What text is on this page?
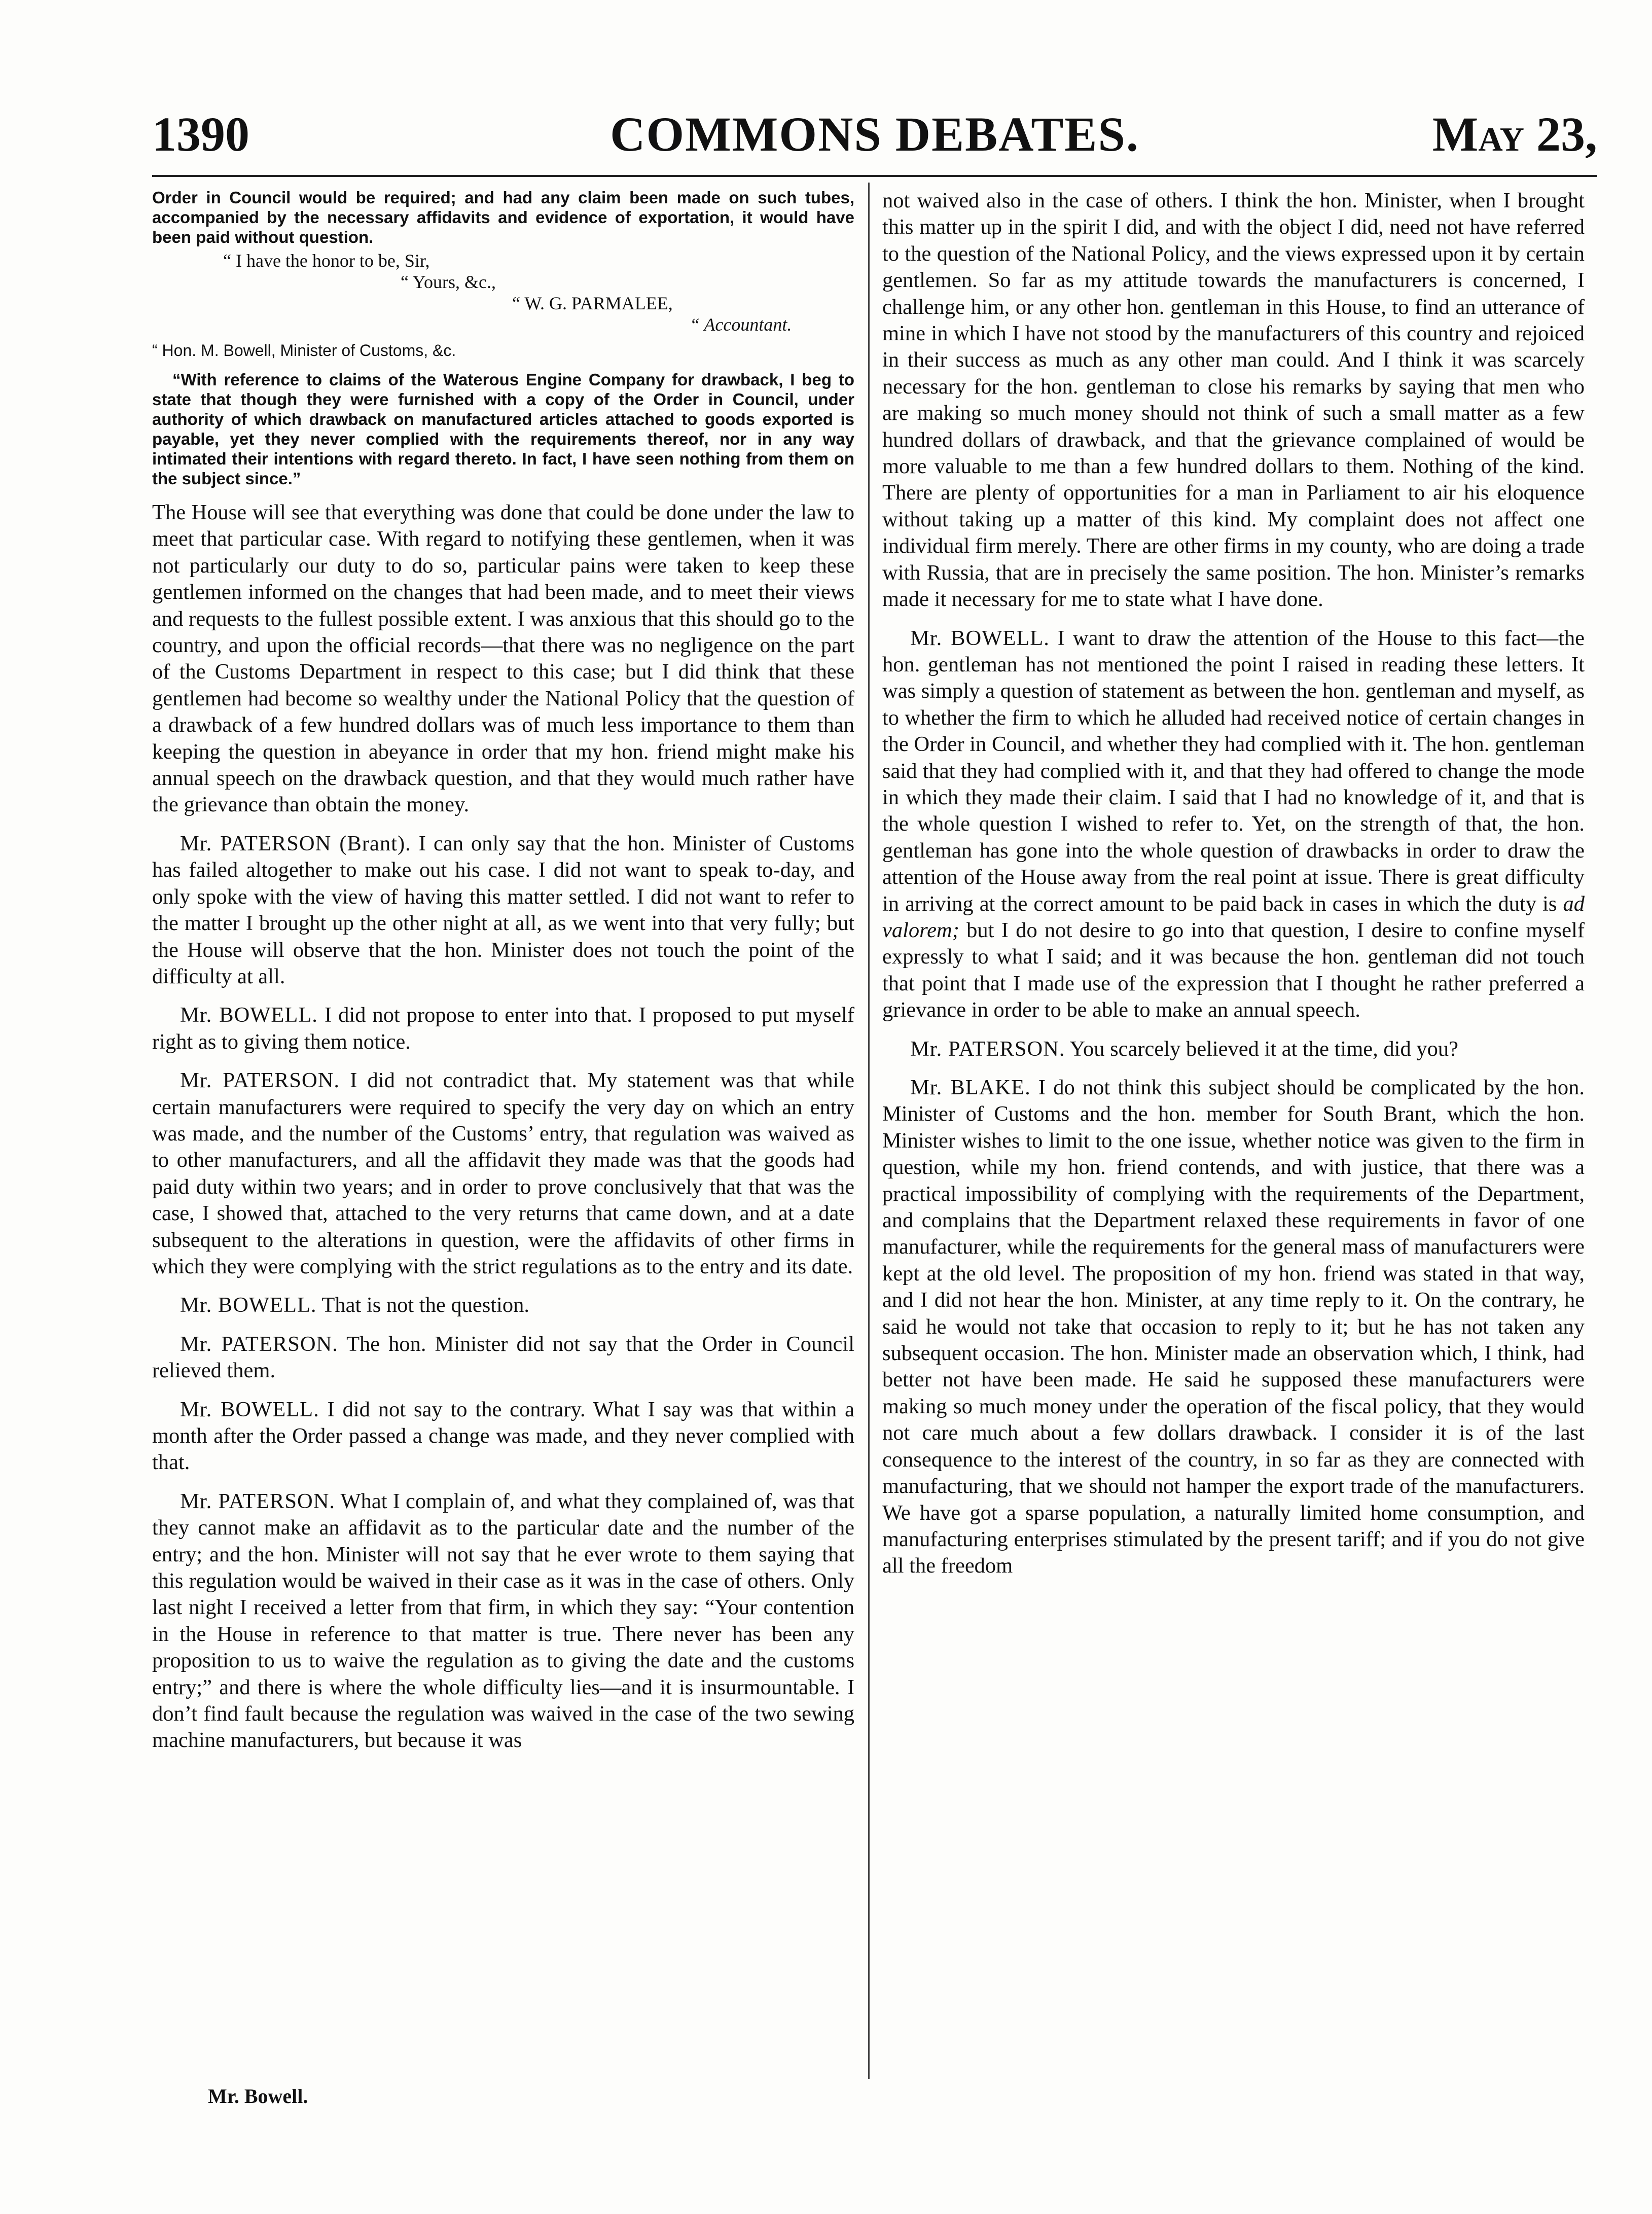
1390	COMMONS DEBATES.	May 23,

Order in Council would be required; and had any claim been made on such tubes, accompanied by the necessary affidavits and evidence of exportation, it would have been paid without question.

“ I have the honor to be, Sir,

“ Yours, &c.,

“ W. G. PARMALEE,

“ Accountant.

“ Hon. M. Bowell, Minister of Customs, &c.

“With reference to claims of the Waterous Engine Company for drawback, I beg to state that though they were furnished with a copy of the Order in Council, under authority of which drawback on manufactured articles attached to goods exported is payable, yet they never complied with the requirements thereof, nor in any way intimated their intentions with regard thereto. In fact, I have seen nothing from them on the subject since.”

The House will see that everything was done that could be done under the law to meet that particular case. With regard to notifying these gentlemen, when it was not particularly our duty to do so, particular pains were taken to keep these gentlemen informed on the changes that had been made, and to meet their views and requests to the fullest possible extent. I was anxious that this should go to the country, and upon the official records—that there was no negligence on the part of the Customs Department in respect to this case; but I did think that these gentlemen had become so wealthy under the National Policy that the question of a drawback of a few hundred dollars was of much less importance to them than keeping the question in abeyance in order that my hon. friend might make his annual speech on the drawback question, and that they would much rather have the grievance than obtain the money.

Mr. PATERSON (Brant). I can only say that the hon. Minister of Customs has failed altogether to make out his case. I did not want to speak to-day, and only spoke with the view of having this matter settled. I did not want to refer to the matter I brought up the other night at all, as we went into that very fully; but the House will observe that the hon. Minister does not touch the point of the difficulty at all.

Mr. BOWELL. I did not propose to enter into that. I proposed to put myself right as to giving them notice.

Mr. PATERSON. I did not contradict that. My statement was that while certain manufacturers were required to specify the very day on which an entry was made, and the number of the Customs’ entry, that regulation was waived as to other manufacturers, and all the affidavit they made was that the goods had paid duty within two years; and in order to prove conclusively that that was the case, I showed that, attached to the very returns that came down, and at a date subsequent to the alterations in question, were the affidavits of other firms in which they were complying with the strict regulations as to the entry and its date.

Mr. BOWELL. That is not the question.

Mr. PATERSON. The hon. Minister did not say that the Order in Council relieved them.

Mr. BOWELL. I did not say to the contrary. What I say was that within a month after the Order passed a change was made, and they never complied with that.

Mr. PATERSON. What I complain of, and what they complained of, was that they cannot make an affidavit as to the particular date and the number of the entry; and the hon. Minister will not say that he ever wrote to them saying that this regulation would be waived in their case as it was in the case of others. Only last night I received a letter from that firm, in which they say: “Your contention in the House in reference to that matter is true. There never has been any proposition to us to waive the regulation as to giving the date and the customs entry;” and there is where the whole difficulty lies—and it is insurmountable. I don’t find fault because the regulation was waived in the case of the two sewing machine manufacturers, but because it was

not waived also in the case of others. I think the hon. Minister, when I brought this matter up in the spirit I did, and with the object I did, need not have referred to the question of the National Policy, and the views expressed upon it by certain gentlemen. So far as my attitude towards the manufacturers is concerned, I challenge him, or any other hon. gentleman in this House, to find an utterance of mine in which I have not stood by the manufacturers of this country and rejoiced in their success as much as any other man could. And I think it was scarcely necessary for the hon. gentleman to close his remarks by saying that men who are making so much money should not think of such a small matter as a few hundred dollars of drawback, and that the grievance complained of would be more valuable to me than a few hundred dollars to them. Nothing of the kind. There are plenty of opportunities for a man in Parliament to air his eloquence without taking up a matter of this kind. My complaint does not affect one individual firm merely. There are other firms in my county, who are doing a trade with Russia, that are in precisely the same position. The hon. Minister’s remarks made it necessary for me to state what I have done.

Mr. BOWELL. I want to draw the attention of the House to this fact—the hon. gentleman has not mentioned the point I raised in reading these letters. It was simply a question of statement as between the hon. gentleman and myself, as to whether the firm to which he alluded had received notice of certain changes in the Order in Council, and whether they had complied with it. The hon. gentleman said that they had complied with it, and that they had offered to change the mode in which they made their claim. I said that I had no knowledge of it, and that is the whole question I wished to refer to. Yet, on the strength of that, the hon. gentleman has gone into the whole question of drawbacks in order to draw the attention of the House away from the real point at issue. There is great difficulty in arriving at the correct amount to be paid back in cases in which the duty is ad valorem; but I do not desire to go into that question, I desire to confine myself expressly to what I said; and it was because the hon. gentleman did not touch that point that I made use of the expression that I thought he rather preferred a grievance in order to be able to make an annual speech.

Mr. PATERSON. You scarcely believed it at the time, did you?

Mr. BLAKE. I do not think this subject should be complicated by the hon. Minister of Customs and the hon. member for South Brant, which the hon. Minister wishes to limit to the one issue, whether notice was given to the firm in question, while my hon. friend contends, and with justice, that there was a practical impossibility of complying with the requirements of the Department, and complains that the Department relaxed these requirements in favor of one manufacturer, while the requirements for the general mass of manufacturers were kept at the old level. The proposition of my hon. friend was stated in that way, and I did not hear the hon. Minister, at any time reply to it. On the contrary, he said he would not take that occasion to reply to it; but he has not taken any subsequent occasion. The hon. Minister made an observation which, I think, had better not have been made. He said he supposed these manufacturers were making so much money under the operation of the fiscal policy, that they would not care much about a few dollars drawback. I consider it is of the last consequence to the interest of the country, in so far as they are connected with manufacturing, that we should not hamper the export trade of the manufacturers. We have got a sparse population, a naturally limited home consumption, and manufacturing enterprises stimulated by the present tariff; and if you do not give all the freedom

Mr. Bowell.
